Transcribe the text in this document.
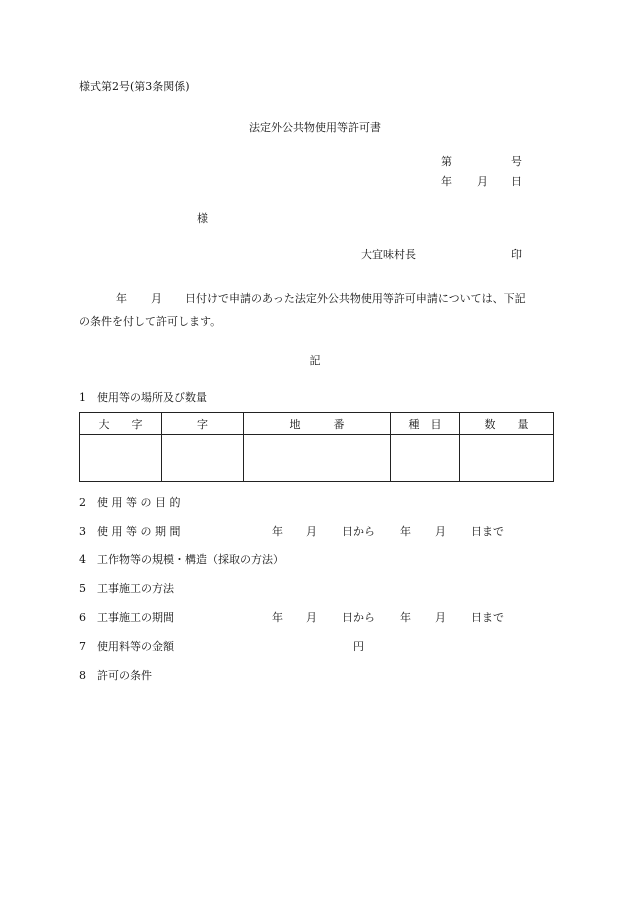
様式第2号(第3条関係)
法定外公共物使用等許可書
第	号
年 月 日
様
大宜味村長	印
年 月 日付けで申請のあった法定外公共物使用等許可申請については、下記
の条件を付して許可します。
記
1　使用等の場所及び数量
大　　字	字	地　　　番	種　目	数　　量

2　使 用 等 の 目 的
3　使 用 等 の 期 間	年 月 日から 年 月 日まで
4　工作物等の規模・構造（採取の方法）
5　工事施工の方法
6　工事施工の期間	年 月 日から 年 月 日まで
7　使用料等の金額	円
8　許可の条件
